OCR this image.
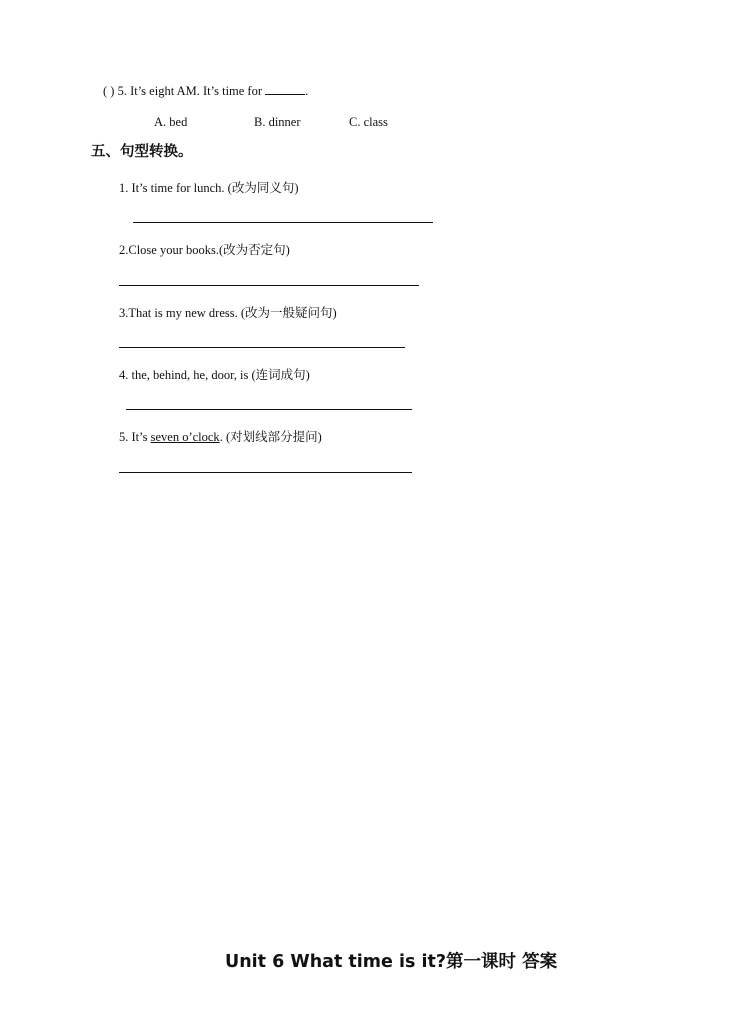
( ) 5. It’s eight AM. It’s time for	.
A. bed	B. dinner	C. class
五、句型转换。
1. It’s time for lunch. (改为同义句)
2.Close your books.(改为否定句)
3.That is my new dress. (改为一般疑问句)
4. the, behind, he, door, is (连词成句)
5. It’s seven o’clock. (对划线部分提问)
Unit 6 What time is it?第一课时 答案
